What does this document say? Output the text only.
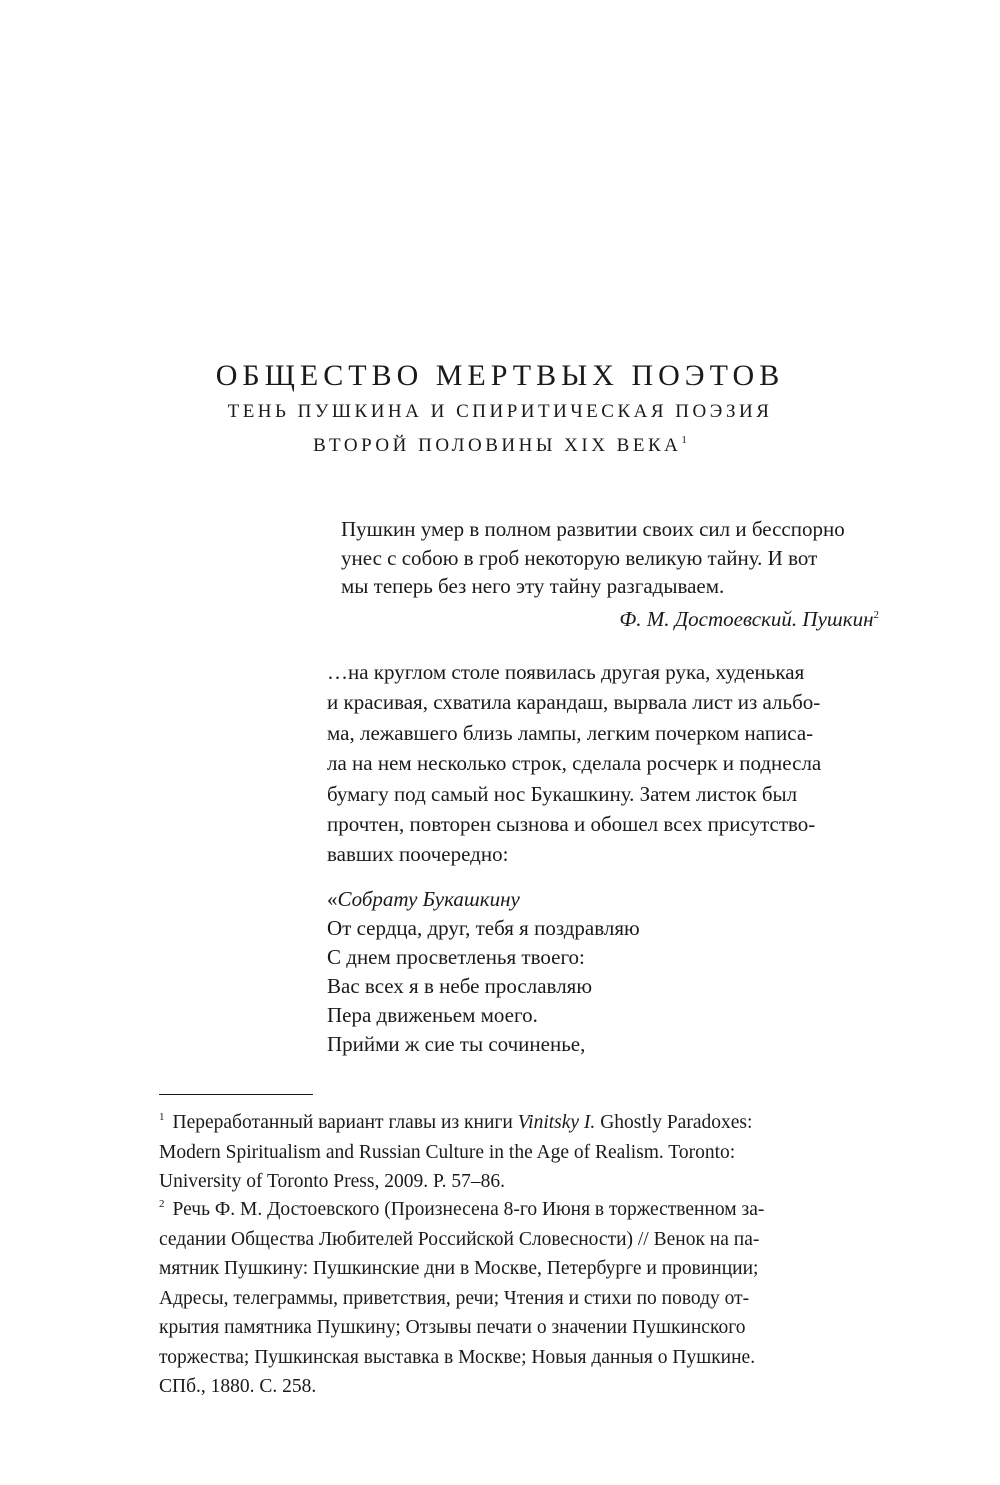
ОБЩЕСТВО МЕРТВЫХ ПОЭТОВ
ТЕНЬ ПУШКИНА И СПИРИТИЧЕСКАЯ ПОЭЗИЯ
ВТОРОЙ ПОЛОВИНЫ XIX ВЕКА$^1$
Пушкин умер в полном развитии своих сил и бесспорно
унес с собою в гроб некоторую великую тайну. И вот
мы теперь без него эту тайну разгадываем.
Ф. М. Достоевский. Пушкин$^2$
…на круглом столе появилась другая рука, худенькая
и красивая, схватила карандаш, вырвала лист из альбо-
ма, лежавшего близь лампы, легким почерком написа-
ла на нем несколько строк, сделала росчерк и поднесла
бумагу под самый нос Букашкину. Затем листок был
прочтен, повторен сызнова и обошел всех присутство-
вавших поочередно:
«Собрату Букашкину
От сердца, друг, тебя я поздравляю
С днем просветленья твоего:
Вас всех я в небе прославляю
Пера движеньем моего.
Прийми ж сие ты сочиненье,
$^1$ Переработанный вариант главы из книги Vinitsky I. Ghostly Paradoxes:
Modern Spiritualism and Russian Culture in the Age of Realism. Toronto:
University of Toronto Press, 2009. P. 57–86.
$^2$ Речь Ф. М. Достоевского (Произнесена 8-го Июня в торжественном за-
седании Общества Любителей Российской Словесности) // Венок на па-
мятник Пушкину: Пушкинские дни в Москве, Петербурге и провинции;
Адресы, телеграммы, приветствия, речи; Чтения и стихи по поводу от-
крытия памятника Пушкину; Отзывы печати о значении Пушкинского
торжества; Пушкинская выставка в Москве; Новыя данныя о Пушкине.
СПб., 1880. С. 258.
